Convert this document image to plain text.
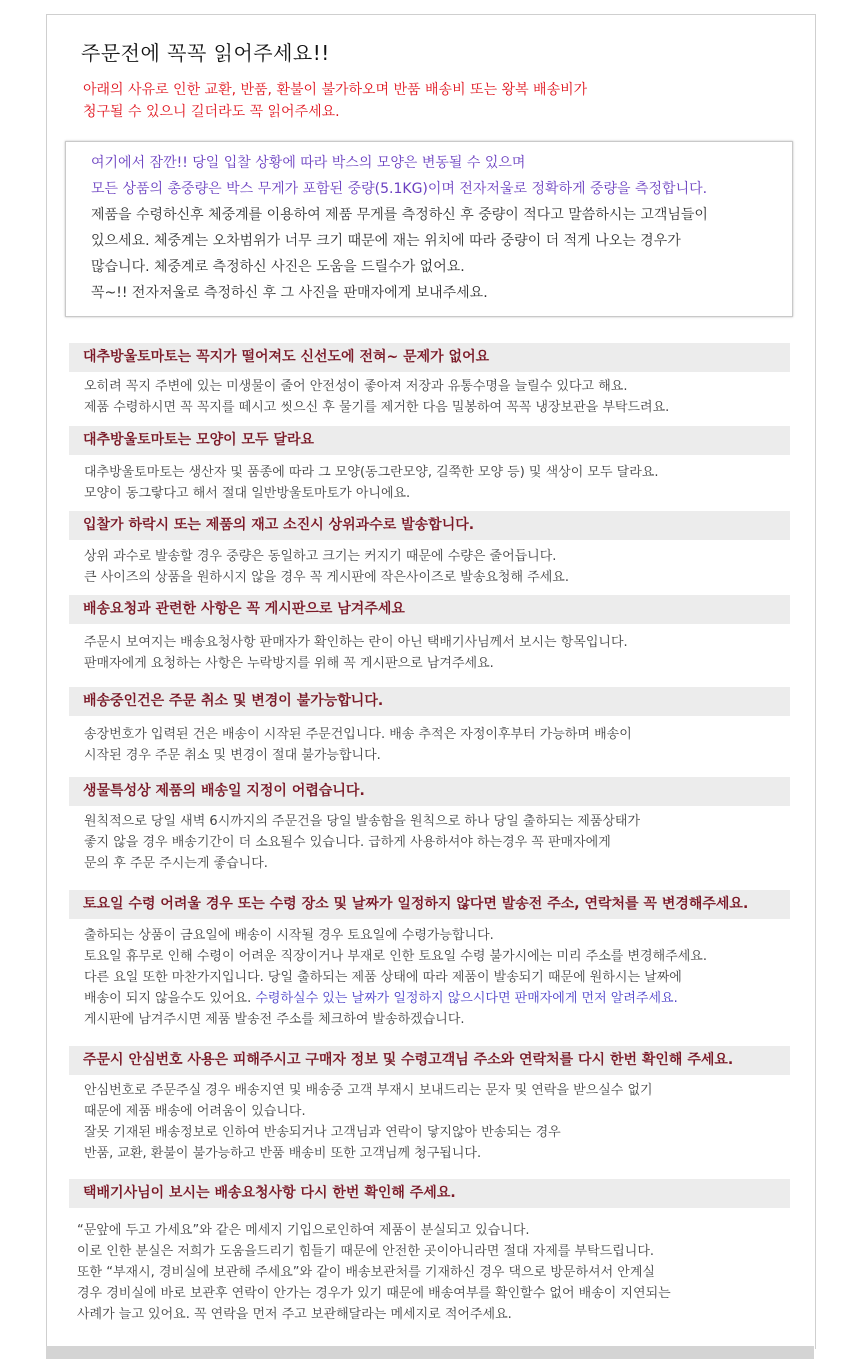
주문전에 꼭꼭 읽어주세요!!
아래의 사유로 인한 교환, 반품, 환불이 불가하오며 반품 배송비 또는 왕복 배송비가
청구될 수 있으니 길더라도 꼭 읽어주세요.

여기에서 잠깐!! 당일 입찰 상황에 따라 박스의 모양은 변동될 수 있으며

모든 상품의 총중량은 박스 무게가 포함된 중량(5.1KG)이며 전자저울로 정확하게 중량을 측정합니다.

제품을 수령하신후 체중계를 이용하여 제품 무게를 측정하신 후 중량이 적다고 말씀하시는 고객님들이

있으세요. 체중계는 오차범위가 너무 크기 때문에 재는 위치에 따라 중량이 더 적게 나오는 경우가

많습니다. 체중계로 측정하신 사진은 도움을 드릴수가 없어요.

꼭~!! 전자저울로 측정하신 후 그 사진을 판매자에게 보내주세요.

대추방울토마토는 꼭지가 떨어져도 신선도에 전혀~ 문제가 없어요
오히려 꼭지 주변에 있는 미생물이 줄어 안전성이 좋아져 저장과 유통수명을 늘릴수 있다고 해요.
제품 수령하시면 꼭 꼭지를 떼시고 씻으신 후 물기를 제거한 다음 밀봉하여 꼭꼭 냉장보관을 부탁드려요.
대추방울토마토는 모양이 모두 달라요
대추방울토마토는 생산자 및 품종에 따라 그 모양(동그란모양, 길쭉한 모양 등) 및 색상이 모두 달라요.
모양이 동그랗다고 해서 절대 일반방울토마토가 아니에요.
입찰가 하락시 또는 제품의 재고 소진시 상위과수로 발송합니다.
상위 과수로 발송할 경우 중량은 동일하고 크기는 커지기 때문에 수량은 줄어듭니다.
큰 사이즈의 상품을 원하시지 않을 경우 꼭 게시판에 작은사이즈로 발송요청해 주세요.
배송요청과 관련한 사항은 꼭 게시판으로 남겨주세요
주문시 보여지는 배송요청사항 판매자가 확인하는 란이 아닌 택배기사님께서 보시는 항목입니다.
판매자에게 요청하는 사항은 누락방지를 위해 꼭 게시판으로 남겨주세요.
배송중인건은 주문 취소 및 변경이 불가능합니다.
송장번호가 입력된 건은 배송이 시작된 주문건입니다. 배송 추적은 자정이후부터 가능하며 배송이
시작된 경우 주문 취소 및 변경이 절대 불가능합니다.
생물특성상 제품의 배송일 지정이 어렵습니다.
원칙적으로 당일 새벽 6시까지의 주문건을 당일 발송함을 원칙으로 하나 당일 출하되는 제품상태가
좋지 않을 경우 배송기간이 더 소요될수 있습니다. 급하게 사용하셔야 하는경우 꼭 판매자에게
문의 후 주문 주시는게 좋습니다.
토요일 수령 어려울 경우 또는 수령 장소 및 날짜가 일정하지 않다면 발송전 주소, 연락처를 꼭 변경해주세요.
출하되는 상품이 금요일에 배송이 시작될 경우 토요일에 수령가능합니다.
토요일 휴무로 인해 수령이 어려운 직장이거나 부재로 인한 토요일 수령 불가시에는 미리 주소를 변경해주세요.
다른 요일 또한 마찬가지입니다. 당일 출하되는 제품 상태에 따라 제품이 발송되기 때문에 원하시는 날짜에
배송이 되지 않을수도 있어요. 수령하실수 있는 날짜가 일정하지 않으시다면 판매자에게 먼저 알려주세요.
게시판에 남겨주시면 제품 발송전 주소를 체크하여 발송하겠습니다.
주문시 안심번호 사용은 피해주시고 구매자 정보 및 수령고객님 주소와 연락처를 다시 한번 확인해 주세요.
안심번호로 주문주실 경우 배송지연 및 배송중 고객 부재시 보내드리는 문자 및 연락을 받으실수 없기
때문에 제품 배송에 어려움이 있습니다.
잘못 기재된 배송정보로 인하여 반송되거나 고객님과 연락이 닿지않아 반송되는 경우
반품, 교환, 환불이 불가능하고 반품 배송비 또한 고객님께 청구됩니다.
택배기사님이 보시는 배송요청사항 다시 한번 확인해 주세요.
“문앞에 두고 가세요”와 같은 메세지 기입으로인하여 제품이 분실되고 있습니다.
이로 인한 분실은 저희가 도움을드리기 힘들기 때문에 안전한 곳이아니라면 절대 자제를 부탁드립니다.
또한 “부재시, 경비실에 보관해 주세요”와 같이 배송보관처를 기재하신 경우 댁으로 방문하셔서 안계실
경우 경비실에 바로 보관후 연락이 안가는 경우가 있기 때문에 배송여부를 확인할수 없어 배송이 지연되는
사례가 늘고 있어요. 꼭 연락을 먼저 주고 보관해달라는 메세지로 적어주세요.
